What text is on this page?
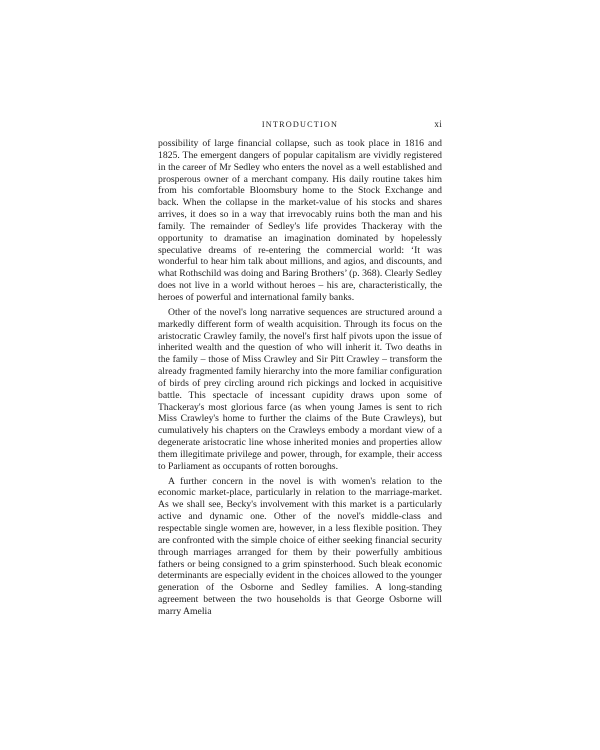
INTRODUCTION	xi

possibility of large financial collapse, such as took place in 1816 and 1825. The emergent dangers of popular capitalism are vividly registered in the career of Mr Sedley who enters the novel as a well established and prosperous owner of a merchant company. His daily routine takes him from his comfortable Bloomsbury home to the Stock Exchange and back. When the collapse in the market-value of his stocks and shares arrives, it does so in a way that irrevocably ruins both the man and his family. The remainder of Sedley's life provides Thackeray with the opportunity to dramatise an imagination dominated by hopelessly speculative dreams of re-entering the commercial world: ‘It was wonderful to hear him talk about millions, and agios, and discounts, and what Rothschild was doing and Baring Brothers’ (p. 368). Clearly Sedley does not live in a world without heroes – his are, characteristically, the heroes of powerful and international family banks.

Other of the novel's long narrative sequences are structured around a markedly different form of wealth acquisition. Through its focus on the aristocratic Crawley family, the novel's first half pivots upon the issue of inherited wealth and the question of who will inherit it. Two deaths in the family – those of Miss Crawley and Sir Pitt Crawley – transform the already fragmented family hierarchy into the more familiar configuration of birds of prey circling around rich pickings and locked in acquisitive battle. This spectacle of incessant cupidity draws upon some of Thackeray's most glorious farce (as when young James is sent to rich Miss Crawley's home to further the claims of the Bute Crawleys), but cumulatively his chapters on the Crawleys embody a mordant view of a degenerate aristocratic line whose inherited monies and properties allow them illegitimate privilege and power, through, for example, their access to Parliament as occupants of rotten boroughs.

A further concern in the novel is with women's relation to the economic market-place, particularly in relation to the marriage-market. As we shall see, Becky's involvement with this market is a particularly active and dynamic one. Other of the novel's middle-class and respectable single women are, however, in a less flexible position. They are confronted with the simple choice of either seeking financial security through marriages arranged for them by their powerfully ambitious fathers or being consigned to a grim spinsterhood. Such bleak economic determinants are especially evident in the choices allowed to the younger generation of the Osborne and Sedley families. A long-standing agreement between the two households is that George Osborne will marry Amelia
